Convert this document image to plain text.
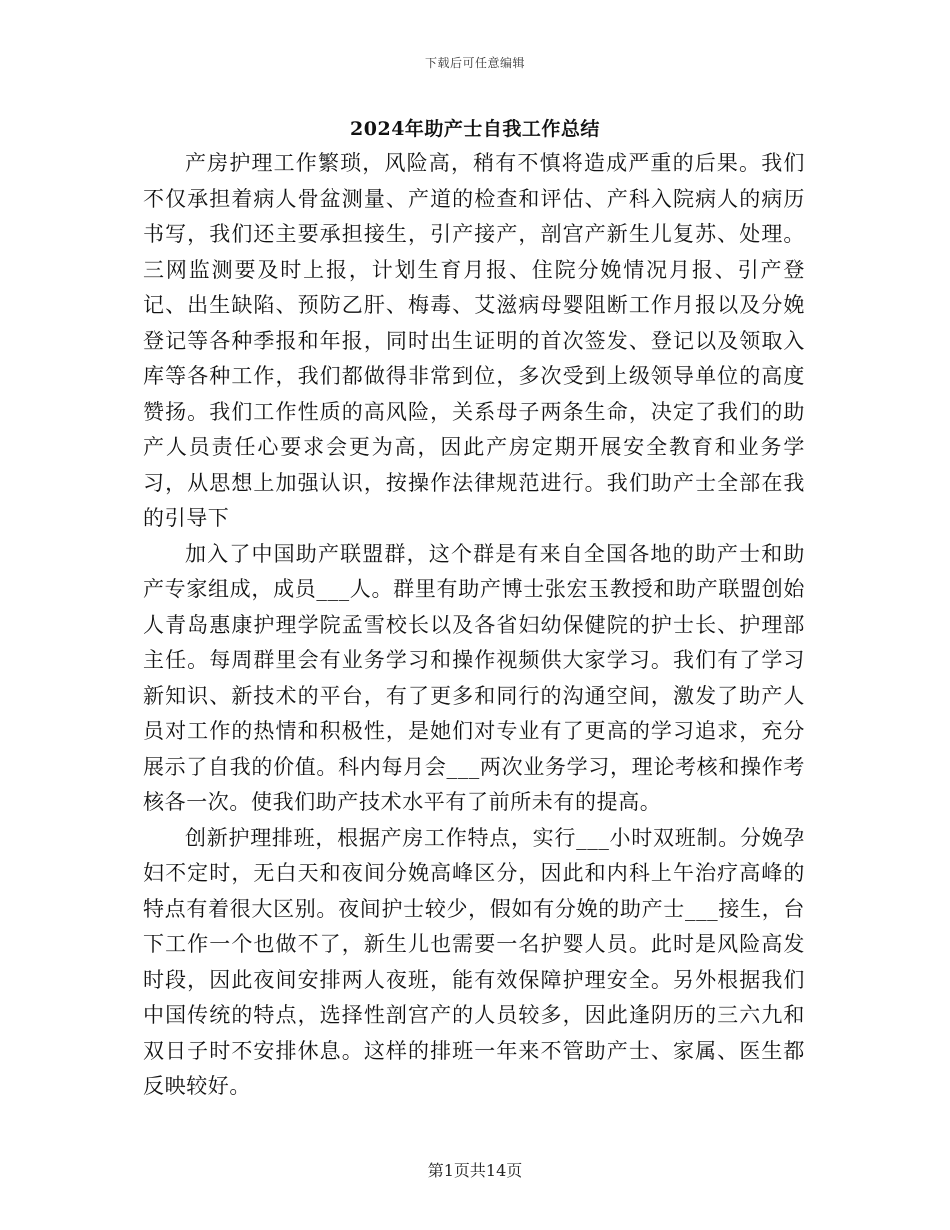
下载后可任意编辑
2024年助产士自我工作总结

产房护理工作繁琐，风险高，稍有不慎将造成严重的后果。我们不仅承担着病人骨盆测量、产道的检查和评估、产科入院病人的病历书写，我们还主要承担接生，引产接产，剖宫产新生儿复苏、处理。三网监测要及时上报，计划生育月报、住院分娩情况月报、引产登记、出生缺陷、预防乙肝、梅毒、艾滋病母婴阻断工作月报以及分娩登记等各种季报和年报，同时出生证明的首次签发、登记以及领取入库等各种工作，我们都做得非常到位，多次受到上级领导单位的高度赞扬。我们工作性质的高风险，关系母子两条生命，决定了我们的助产人员责任心要求会更为高，因此产房定期开展安全教育和业务学习，从思想上加强认识，按操作法律规范进行。我们助产士全部在我的引导下

加入了中国助产联盟群，这个群是有来自全国各地的助产士和助产专家组成，成员___人。群里有助产博士张宏玉教授和助产联盟创始人青岛惠康护理学院孟雪校长以及各省妇幼保健院的护士长、护理部主任。每周群里会有业务学习和操作视频供大家学习。我们有了学习新知识、新技术的平台，有了更多和同行的沟通空间，激发了助产人员对工作的热情和积极性，是她们对专业有了更高的学习追求，充分展示了自我的价值。科内每月会___两次业务学习，理论考核和操作考核各一次。使我们助产技术水平有了前所未有的提高。

创新护理排班，根据产房工作特点，实行___小时双班制。分娩孕妇不定时，无白天和夜间分娩高峰区分，因此和内科上午治疗高峰的特点有着很大区别。夜间护士较少，假如有分娩的助产士___接生，台下工作一个也做不了，新生儿也需要一名护婴人员。此时是风险高发时段，因此夜间安排两人夜班，能有效保障护理安全。另外根据我们中国传统的特点，选择性剖宫产的人员较多，因此逢阴历的三六九和双日子时不安排休息。这样的排班一年来不管助产士、家属、医生都反映较好。

第1页共14页
